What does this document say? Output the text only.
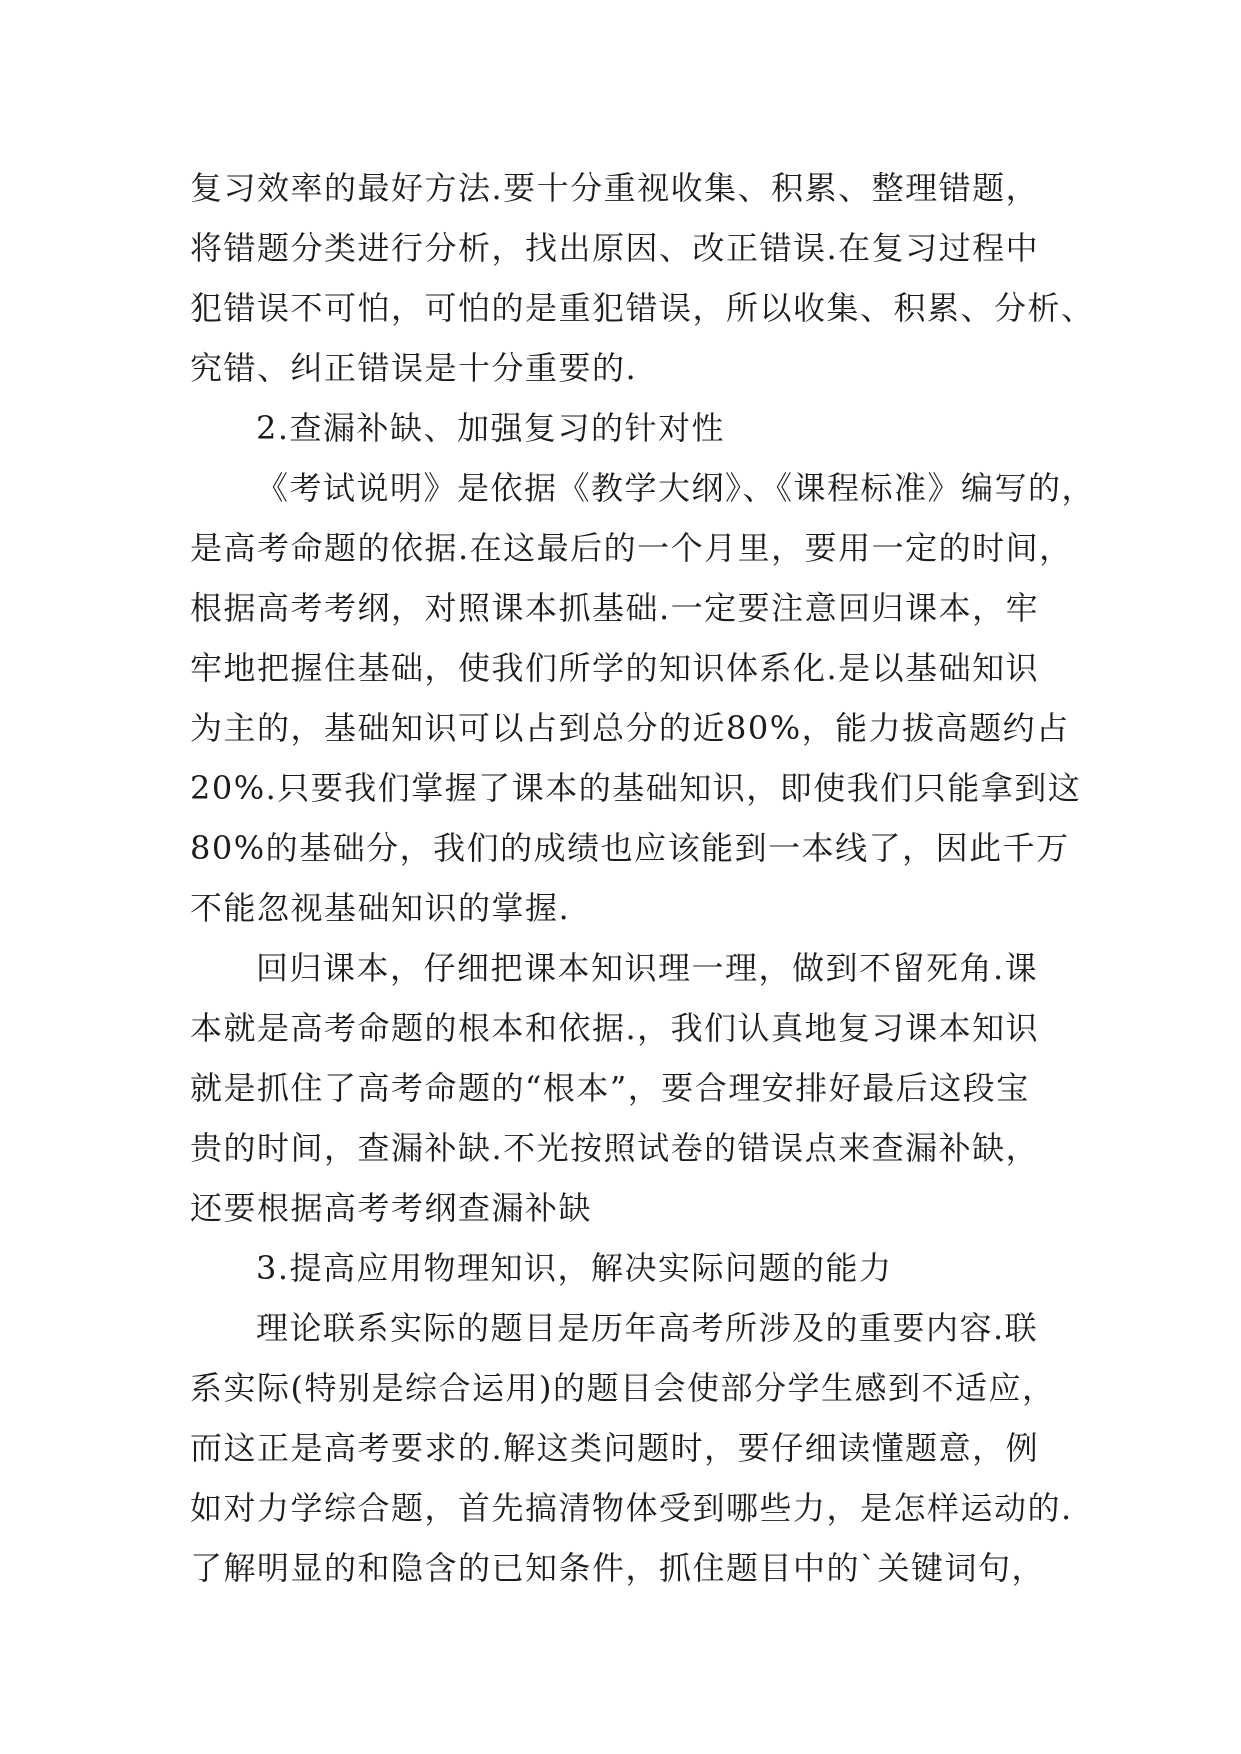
复习效率的最好方法.要十分重视收集、积累、整理错题，
将错题分类进行分析，找出原因、改正错误.在复习过程中
犯错误不可怕，可怕的是重犯错误，所以收集、积累、分析、
究错、纠正错误是十分重要的.
2.查漏补缺、加强复习的针对性
《考试说明》是依据《教学大纲》、《课程标准》编写的，
是高考命题的依据.在这最后的一个月里，要用一定的时间，
根据高考考纲，对照课本抓基础.一定要注意回归课本，牢
牢地把握住基础，使我们所学的知识体系化.是以基础知识
为主的，基础知识可以占到总分的近80%，能力拔高题约占
20%.只要我们掌握了课本的基础知识，即使我们只能拿到这
80%的基础分，我们的成绩也应该能到一本线了，因此千万
不能忽视基础知识的掌握.
回归课本，仔细把课本知识理一理，做到不留死角.课
本就是高考命题的根本和依据.，我们认真地复习课本知识
就是抓住了高考命题的“根本”，要合理安排好最后这段宝
贵的时间，查漏补缺.不光按照试卷的错误点来查漏补缺，
还要根据高考考纲查漏补缺
3.提高应用物理知识，解决实际问题的能力
理论联系实际的题目是历年高考所涉及的重要内容.联
系实际(特别是综合运用)的题目会使部分学生感到不适应，
而这正是高考要求的.解这类问题时，要仔细读懂题意，例
如对力学综合题，首先搞清物体受到哪些力，是怎样运动的.
了解明显的和隐含的已知条件，抓住题目中的`关键词句，
